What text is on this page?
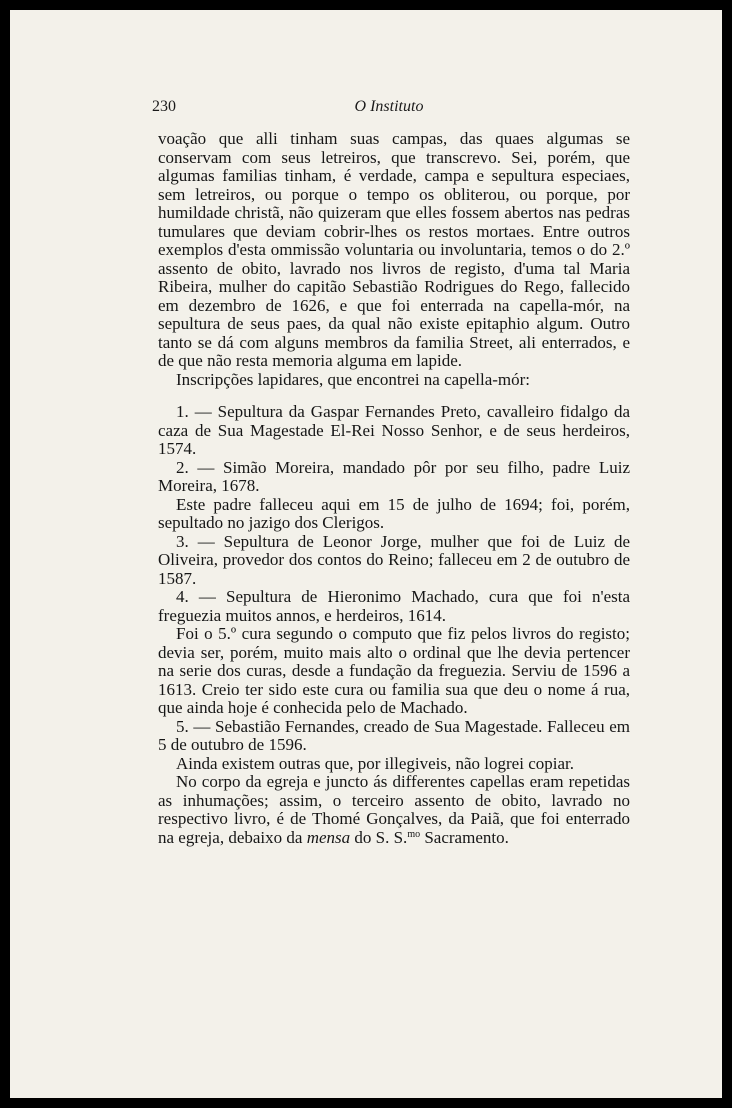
230	O Instituto

voação que alli tinham suas campas, das quaes algumas se conservam com seus letreiros, que transcrevo. Sei, porém, que algumas familias tinham, é verdade, campa e sepultura especiaes, sem letreiros, ou porque o tempo os obliterou, ou porque, por humildade christã, não quizeram que elles fossem abertos nas pedras tumulares que deviam cobrir-lhes os restos mortaes. Entre outros exemplos d'esta ommissão voluntaria ou involuntaria, temos o do 2.º assento de obito, lavrado nos livros de registo, d'uma tal Maria Ribeira, mulher do capitão Sebastião Rodrigues do Rego, fallecido em dezembro de 1626, e que foi enterrada na capella-mór, na sepultura de seus paes, da qual não existe epitaphio algum. Outro tanto se dá com alguns membros da familia Street, ali enterrados, e de que não resta memoria alguma em lapide.

Inscripções lapidares, que encontrei na capella-mór:

1. — Sepultura da Gaspar Fernandes Preto, cavalleiro fidalgo da caza de Sua Magestade El-Rei Nosso Senhor, e de seus herdeiros, 1574.

2. — Simão Moreira, mandado pôr por seu filho, padre Luiz Moreira, 1678.

Este padre falleceu aqui em 15 de julho de 1694; foi, porém, sepultado no jazigo dos Clerigos.

3. — Sepultura de Leonor Jorge, mulher que foi de Luiz de Oliveira, provedor dos contos do Reino; falleceu em 2 de outubro de 1587.

4. — Sepultura de Hieronimo Machado, cura que foi n'esta freguezia muitos annos, e herdeiros, 1614.

Foi o 5.º cura segundo o computo que fiz pelos livros do registo; devia ser, porém, muito mais alto o ordinal que lhe devia pertencer na serie dos curas, desde a fundação da freguezia. Serviu de 1596 a 1613. Creio ter sido este cura ou familia sua que deu o nome á rua, que ainda hoje é conhecida pelo de Machado.

5. — Sebastião Fernandes, creado de Sua Magestade. Falleceu em 5 de outubro de 1596.

Ainda existem outras que, por illegiveis, não logrei copiar.

No corpo da egreja e juncto ás differentes capellas eram repetidas as inhumações; assim, o terceiro assento de obito, lavrado no respectivo livro, é de Thomé Gonçalves, da Paiã, que foi enterrado na egreja, debaixo da mensa do S. S.$^{mo}$ Sacramento.
